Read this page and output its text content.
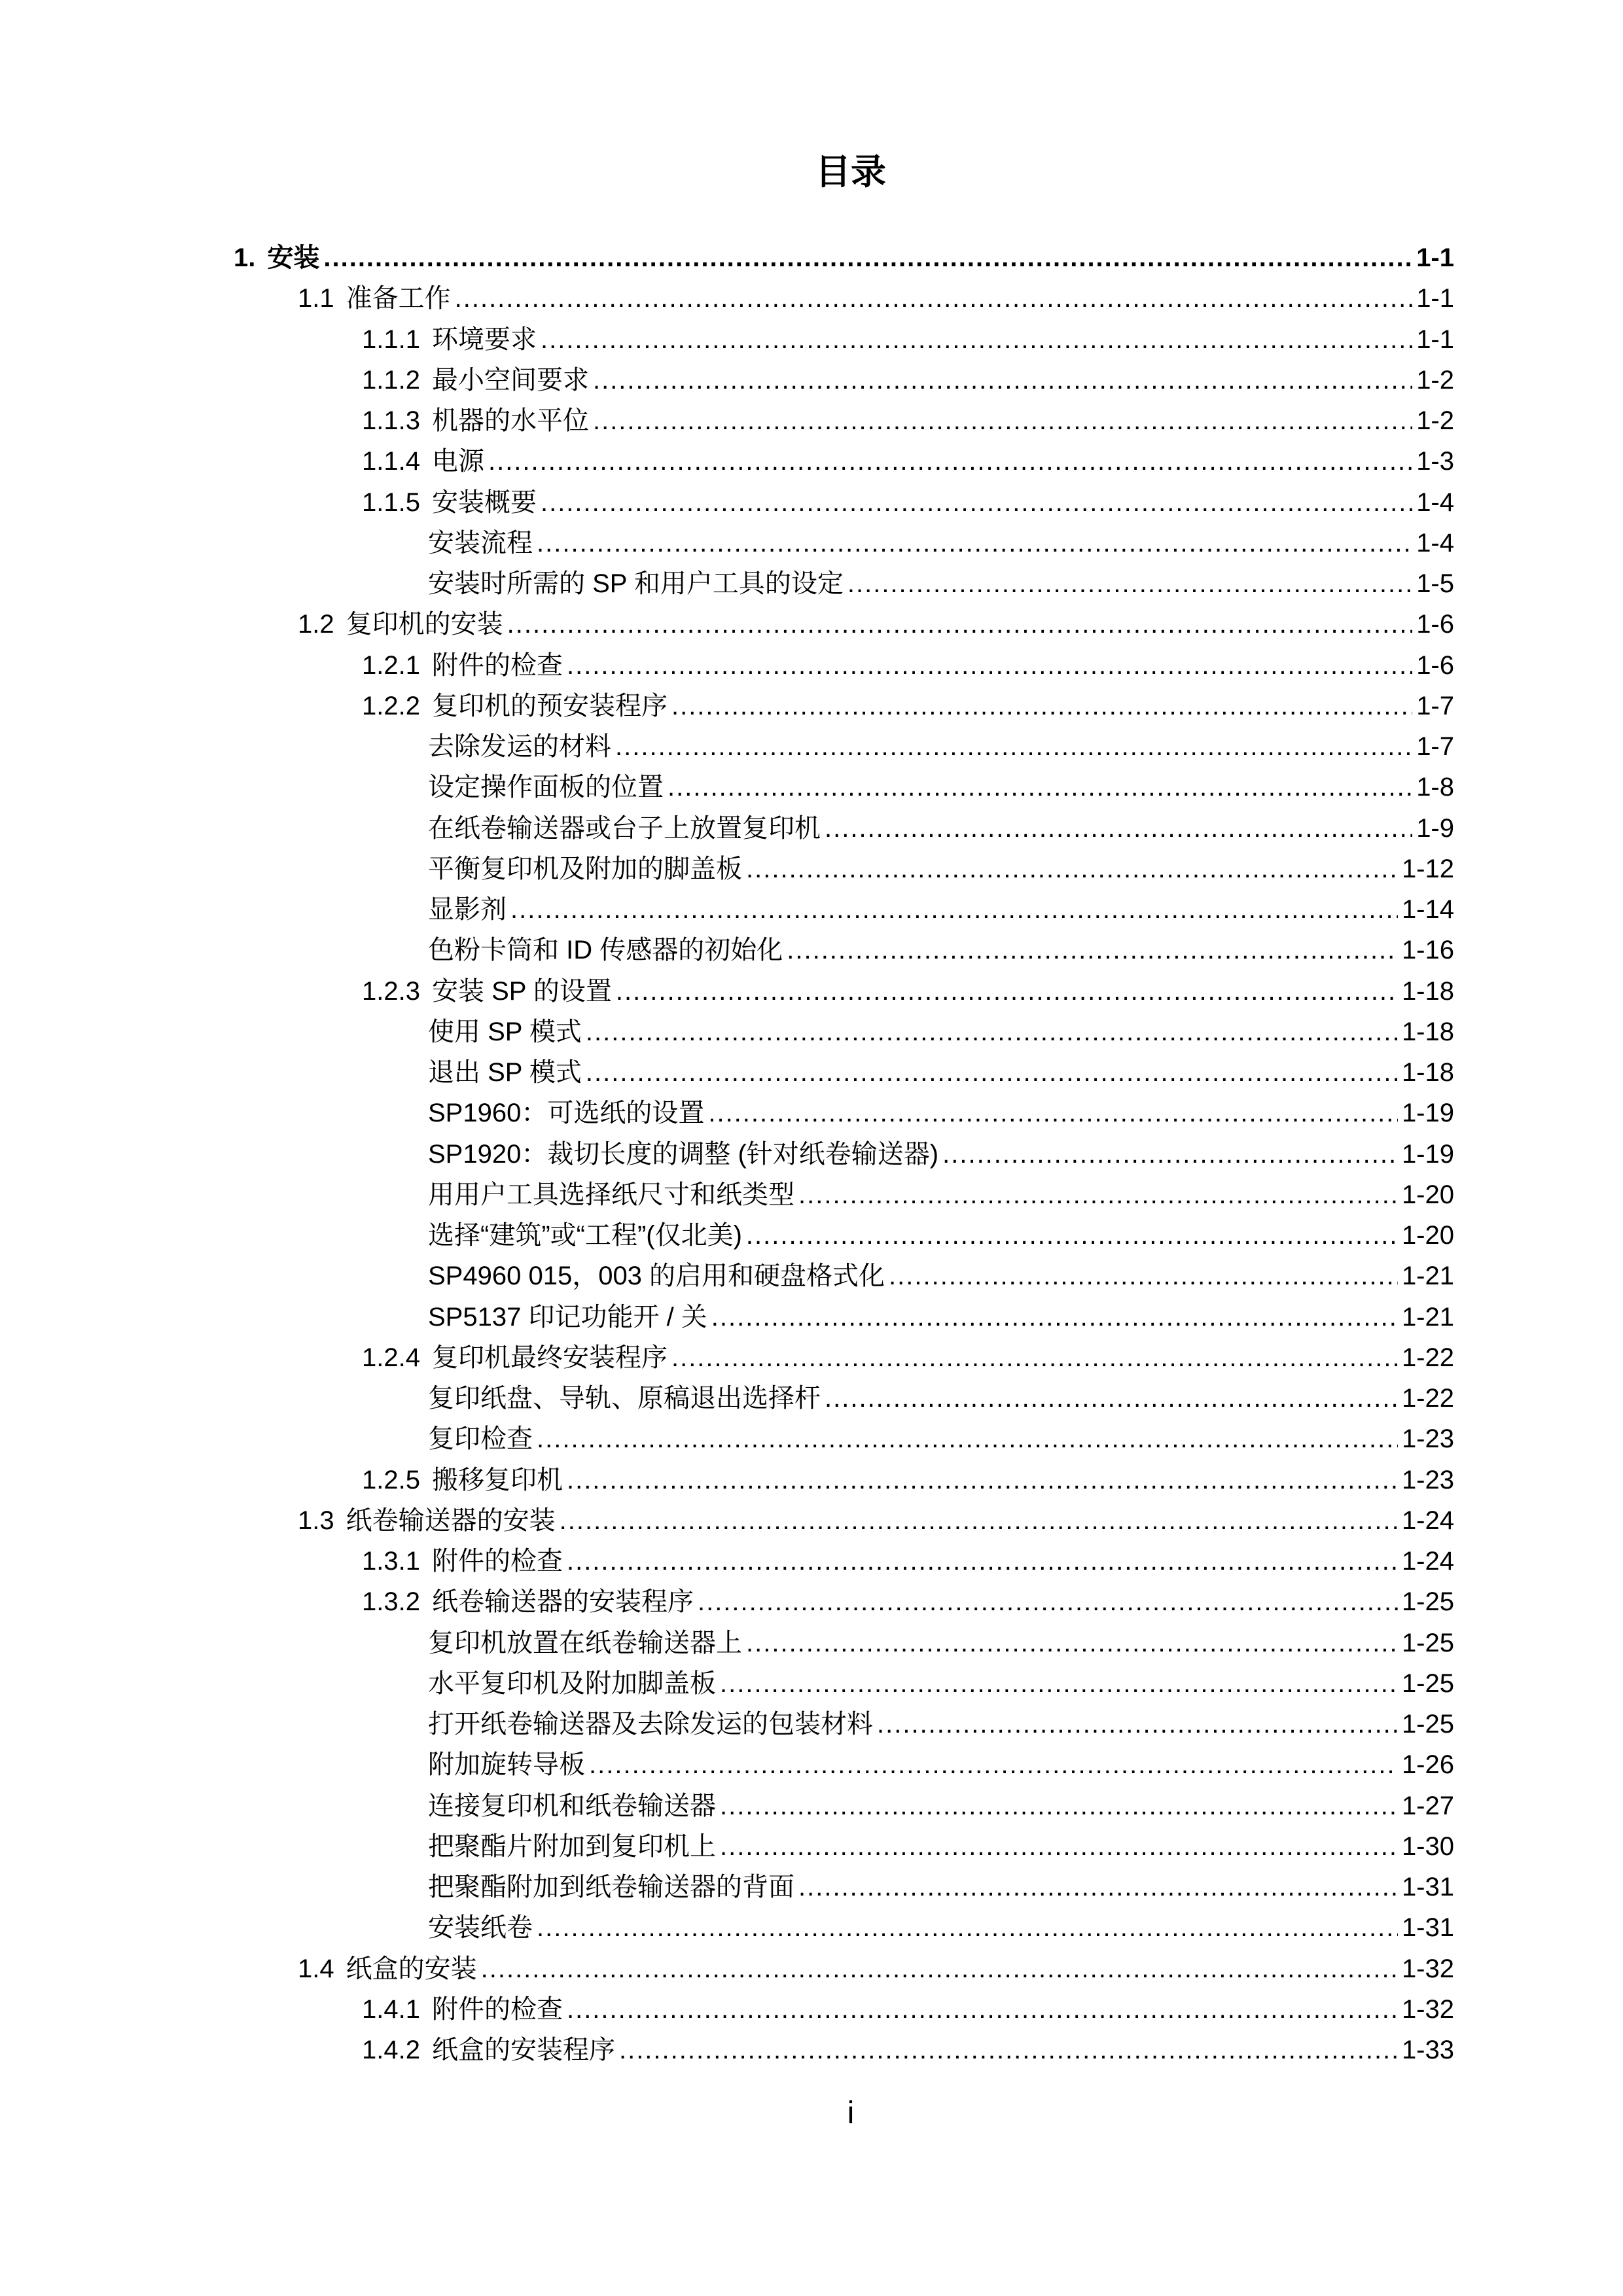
目录
1. 安装 .....	1-1
1.1 准备工作 .....	1-1
1.1.1 环境要求 .....	1-1
1.1.2 最小空间要求 .....	1-2
1.1.3 机器的水平位 .....	1-2
1.1.4 电源 .....	1-3
1.1.5 安装概要 .....	1-4
安装流程 .....	1-4
安装时所需的 SP 和用户工具的设定 .....	1-5
1.2 复印机的安装 .....	1-6
1.2.1 附件的检查 .....	1-6
1.2.2 复印机的预安装程序 .....	1-7
去除发运的材料 .....	1-7
设定操作面板的位置 .....	1-8
在纸卷输送器或台子上放置复印机 .....	1-9
平衡复印机及附加的脚盖板 .....	1-12
显影剂 .....	1-14
色粉卡筒和 ID 传感器的初始化 .....	1-16
1.2.3 安装 SP 的设置 .....	1-18
使用 SP 模式 .....	1-18
退出 SP 模式 .....	1-18
SP1960：可选纸的设置 .....	1-19
SP1920：裁切长度的调整 (针对纸卷输送器) .....	1-19
用用户工具选择纸尺寸和纸类型 .....	1-20
选择“建筑”或“工程”(仅北美) .....	1-20
SP4960 015，003 的启用和硬盘格式化 .....	1-21
SP5137 印记功能开 / 关 .....	1-21
1.2.4 复印机最终安装程序 .....	1-22
复印纸盘、导轨、原稿退出选择杆 .....	1-22
复印检查 .....	1-23
1.2.5 搬移复印机 .....	1-23
1.3 纸卷输送器的安装 .....	1-24
1.3.1 附件的检查 .....	1-24
1.3.2 纸卷输送器的安装程序 .....	1-25
复印机放置在纸卷输送器上 .....	1-25
水平复印机及附加脚盖板 .....	1-25
打开纸卷输送器及去除发运的包装材料 .....	1-25
附加旋转导板 .....	1-26
连接复印机和纸卷输送器 .....	1-27
把聚酯片附加到复印机上 .....	1-30
把聚酯附加到纸卷输送器的背面 .....	1-31
安装纸卷 .....	1-31
1.4 纸盒的安装 .....	1-32
1.4.1 附件的检查 .....	1-32
1.4.2 纸盒的安装程序 .....	1-33
i
